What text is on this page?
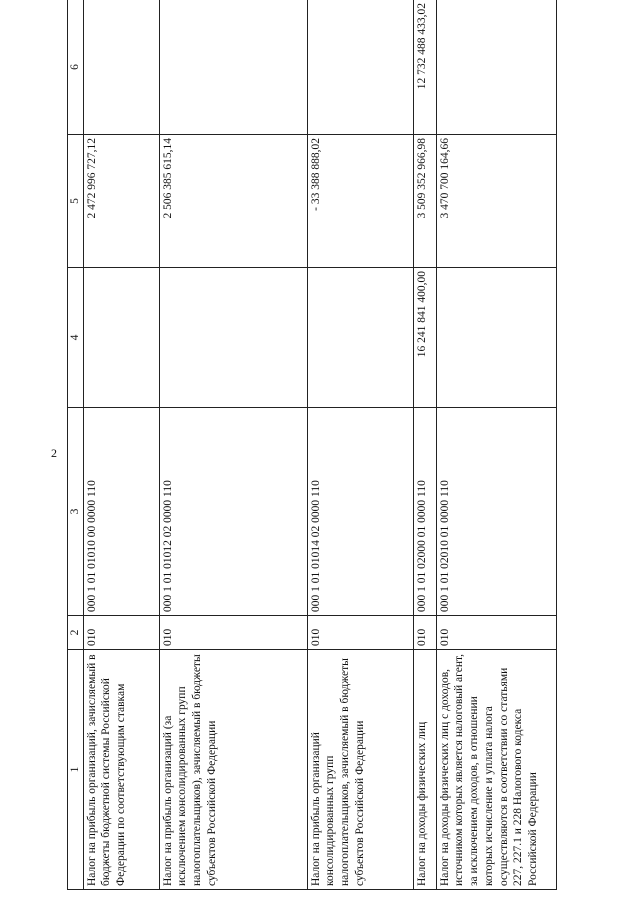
2
1	2	3	4	5	6
Налог на прибыль организаций, зачисляемый в бюджеты бюджетной системы Российской Федерации по соответствующим ставкам	010	000 1 01 01010 00 0000 110		2 472 996 727,12	
Налог на прибыль организаций (за исключением консолидированных групп налогоплательщиков), зачисляемый в бюджеты субъектов Российской Федерации	010	000 1 01 01012 02 0000 110		2 506 385 615,14	
Налог на прибыль организаций консолидированных групп налогоплательщиков, зачисляемый в бюджеты субъектов Российской Федерации	010	000 1 01 01014 02 0000 110		- 33 388 888,02	
Налог на доходы физических лиц	010	000 1 01 02000 01 0000 110	16 241 841 400,00	3 509 352 966,98	12 732 488 433,02
Налог на доходы физических лиц с доходов, источником которых является налоговый агент, за исключением доходов, в отношении которых исчисление и уплата налога осуществляются в соответствии со статьями 227, 227.1 и 228 Налогового кодекса Российской Федерации	010	000 1 01 02010 01 0000 110		3 470 700 164,66	
